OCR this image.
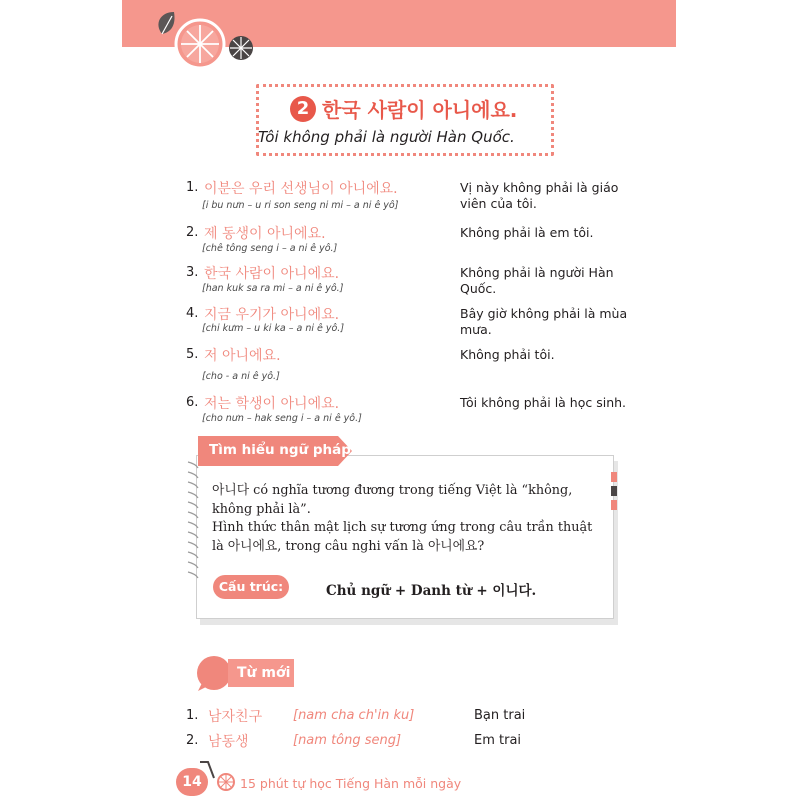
2 한국 사람이 아니에요.
Tôi không phải là người Hàn Quốc.
1. 이분은 우리 선생님이 아니에요.
[i bu nưn – u ri son seng ni mi – a ni ê yô]
Vị này không phải là giáo viên của tôi.
2. 제 동생이 아니에요.
[chê tông seng i – a ni ê yô.]
Không phải là em tôi.
3. 한국 사람이 아니에요.
[han kuk sa ra mi – a ni ê yô.]
Không phải là người Hàn Quốc.
4. 지금 우기가 아니에요.
[chi kưm – u ki ka – a ni ê yô.]
Bây giờ không phải là mùa mưa.
5. 저 아니에요.
[cho - a ni ê yô.]
Không phải tôi.
6. 저는 학생이 아니에요.
[cho nưn – hak seng i – a ni ê yô.]
Tôi không phải là học sinh.
Tìm hiểu ngữ pháp
아니다 có nghĩa tương đương trong tiếng Việt là “không, không phải là”.
Hình thức thân mật lịch sự tương ứng trong câu trần thuật là 아니에요, trong câu nghi vấn là 아니에요?
Cấu trúc:	Chủ ngữ + Danh từ + 이니다.
Từ mới
1. 남자친구 [nam cha ch'in ku]	Bạn trai
2. 남동생	[nam tông seng]	Em trai
14	15 phút tự học Tiếng Hàn mỗi ngày
